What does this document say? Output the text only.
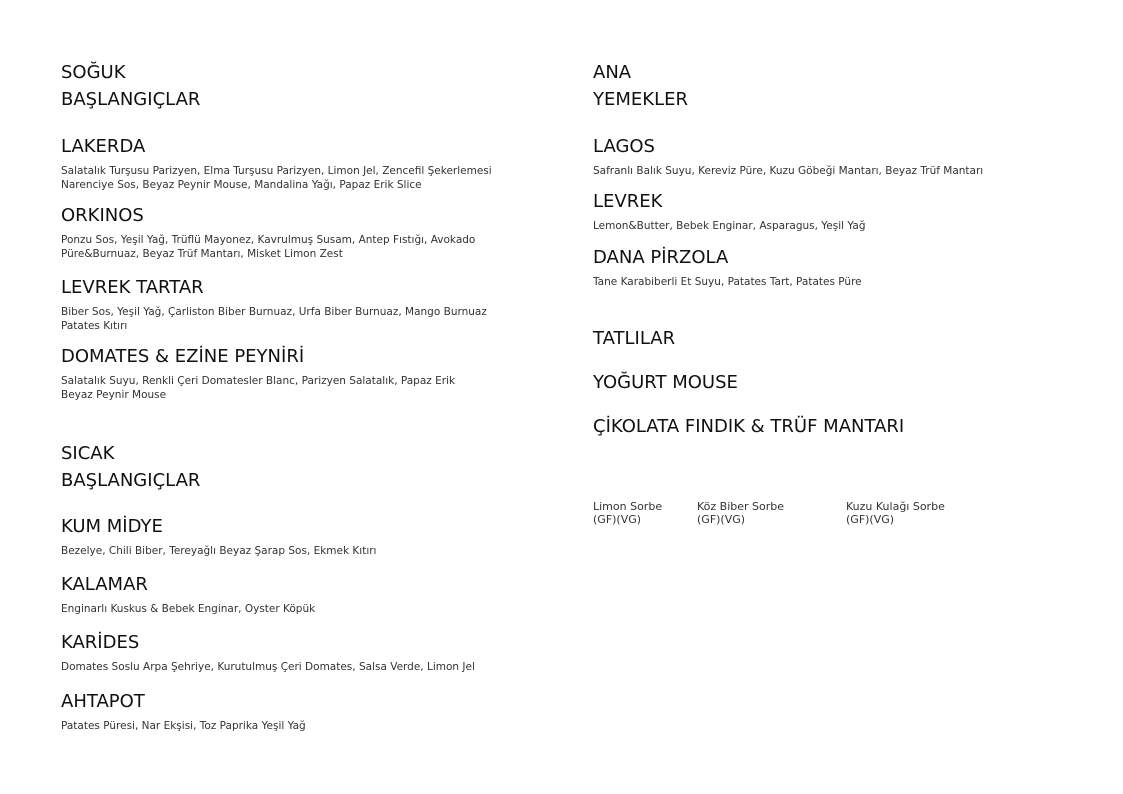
SOĞUK
BAŞLANGIÇLAR
LAKERDA
Salatalık Turşusu Parizyen, Elma Turşusu Parizyen, Limon Jel, Zencefil Şekerlemesi
Narenciye Sos, Beyaz Peynir Mouse, Mandalina Yağı, Papaz Erik Slice
ORKINOS
Ponzu Sos, Yeşil Yağ, Trüflü Mayonez, Kavrulmuş Susam, Antep Fıstığı, Avokado
Püre&Burnuaz, Beyaz Trüf Mantarı, Misket Limon Zest
LEVREK TARTAR
Biber Sos, Yeşil Yağ, Çarliston Biber Burnuaz, Urfa Biber Burnuaz, Mango Burnuaz
Patates Kıtırı
DOMATES & EZİNE PEYNİRİ
Salatalık Suyu, Renkli Çeri Domatesler Blanc, Parizyen Salatalık, Papaz Erik
Beyaz Peynir Mouse
SICAK
BAŞLANGIÇLAR
KUM MİDYE
Bezelye, Chili Biber, Tereyağlı Beyaz Şarap Sos, Ekmek Kıtırı
KALAMAR
Enginarlı Kuskus & Bebek Enginar, Oyster Köpük
KARİDES
Domates Soslu Arpa Şehriye, Kurutulmuş Çeri Domates, Salsa Verde, Limon Jel
AHTAPOT
Patates Püresi, Nar Ekşisi, Toz Paprika Yeşil Yağ
ANA
YEMEKLER
LAGOS
Safranlı Balık Suyu, Kereviz Püre, Kuzu Göbeği Mantarı, Beyaz Trüf Mantarı
LEVREK
Lemon&Butter, Bebek Enginar, Asparagus, Yeşil Yağ
DANA PİRZOLA
Tane Karabiberli Et Suyu, Patates Tart, Patates Püre
TATLILAR
YOĞURT MOUSE
ÇİKOLATA FINDIK & TRÜF MANTARI
Limon Sorbe
(GF)(VG)
Köz Biber Sorbe
(GF)(VG)
Kuzu Kulağı Sorbe
(GF)(VG)
